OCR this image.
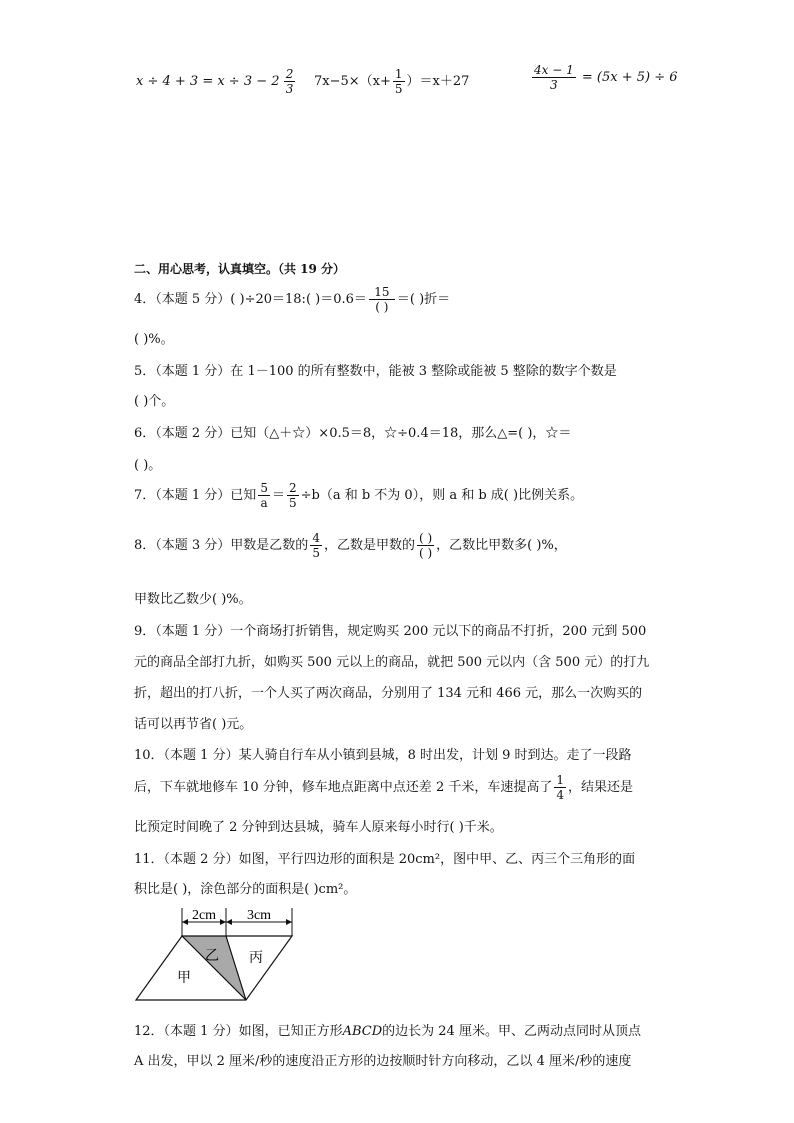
$x \div 4 + 3 = x \div 3 - 2 \frac{2}{3} 7x-5\times(x+ \frac{1}{5} )=x+27$	$\frac{4x - 1}{3} = (5x + 5) \div 6$
二、用心思考，认真填空。（共 19 分）
4．（本题 5 分）( )÷20＝18:( )$=0.6= \frac{15}{( )}$ ＝( )折＝
( )%。
5．（本题 1 分）在 1－100 的所有整数中，能被 3 整除或能被 5 整除的数字个数是
( )个。
6．（本题 2 分）已知（△＋☆）×0.5＝8，☆÷0.4＝18，那么△=( )，☆＝
( )。
7．（本题 1 分）已知 $\frac{5}{a} = \frac{2}{5} \div b(a$ 和 b 不为 0），则 a 和 b 成( )比例关系。
8．（本题 3 分）甲数是乙数的 $\frac{4}{5}$ ，乙数是甲数的 $\frac{( )}{( )}$ ，乙数比甲数多( )%，
甲数比乙数少( )%。
9．（本题 1 分）一个商场打折销售，规定购买 200 元以下的商品不打折，200 元到 500
元的商品全部打九折，如购买 500 元以上的商品，就把 500 元以内（含 500 元）的打九
折，超出的打八折，一个人买了两次商品，分别用了 134 元和 466 元，那么一次购买的
话可以再节省( )元。
10．（本题 1 分）某人骑自行车从小镇到县城，8 时出发，计划 9 时到达。走了一段路
后，下车就地修车 10 分钟，修车地点距离中点还差 2 千米，车速提高了 $\frac{1}{4}$ ，结果还是
比预定时间晚了 2 分钟到达县城，骑车人原来每小时行( )千米。
11．（本题 2 分）如图，平行四边形的面积是 20cm²，图中甲、乙、丙三个三角形的面
积比是( )，涂色部分的面积是( )cm²。
2cm 3cm
甲
乙 丙
12．（本题 1 分）如图，已知正方形ABCD的边长为 24 厘米。甲、乙两动点同时从顶点
A 出发，甲以 2 厘米/秒的速度沿正方形的边按顺时针方向移动，乙以 4 厘米/秒的速度
